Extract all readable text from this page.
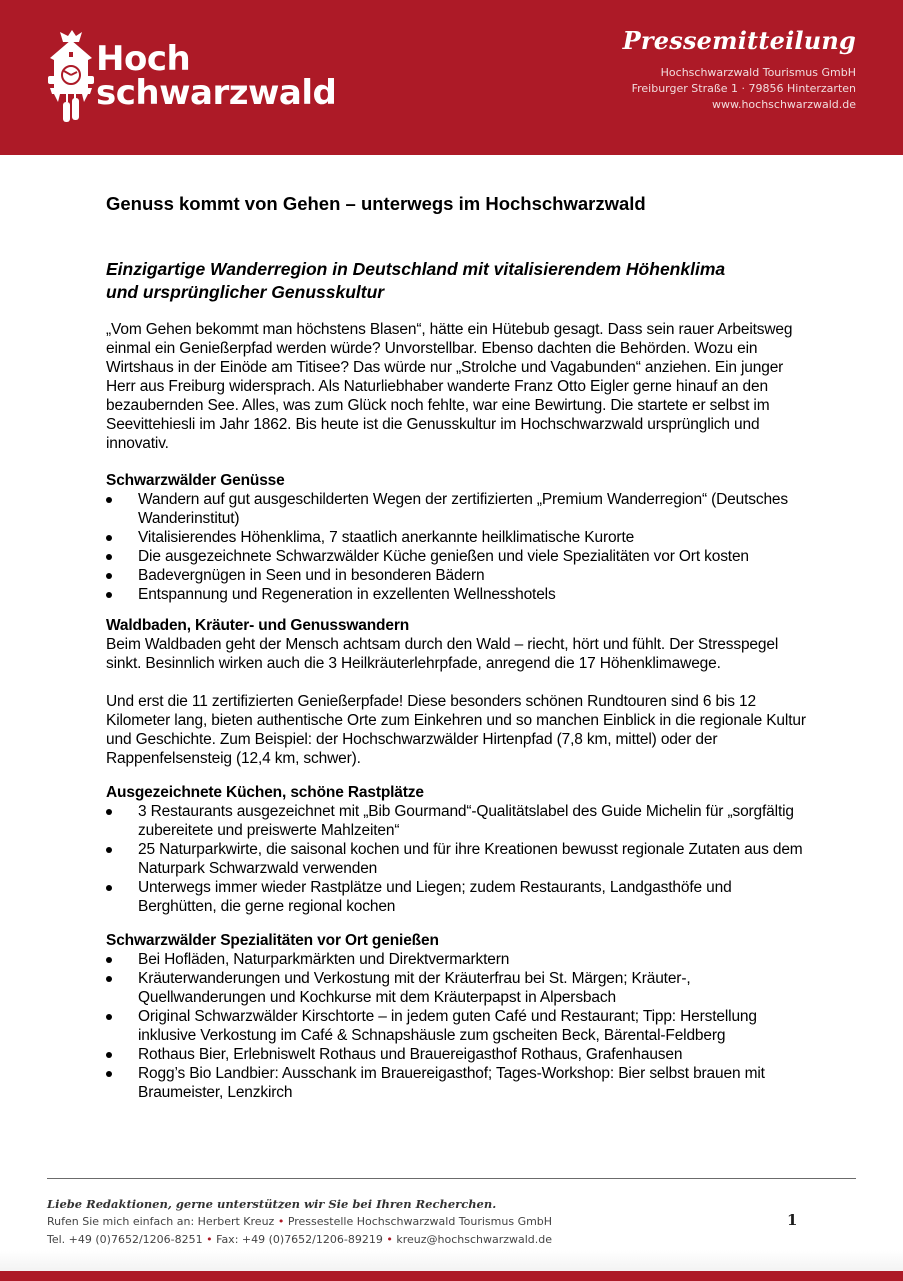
Hoch
schwarzwald
Pressemitteilung
Hochschwarzwald Tourismus GmbH
Freiburger Straße 1 · 79856 Hinterzarten
www.hochschwarzwald.de
Genuss kommt von Gehen – unterwegs im Hochschwarzwald
Einzigartige Wanderregion in Deutschland mit vitalisierendem Höhenklima
und ursprünglicher Genusskultur

„Vom Gehen bekommt man höchstens Blasen“, hätte ein Hütebub gesagt. Dass sein rauer Arbeitsweg einmal ein Genießerpfad werden würde? Unvorstellbar. Ebenso dachten die Behörden. Wozu ein Wirtshaus in der Einöde am Titisee? Das würde nur „Strolche und Vagabunden“ anziehen. Ein junger Herr aus Freiburg widersprach. Als Naturliebhaber wanderte Franz Otto Eigler gerne hinauf an den bezaubernden See. Alles, was zum Glück noch fehlte, war eine Bewirtung. Die startete er selbst im Seevittehiesli im Jahr 1862. Bis heute ist die Genusskultur im Hochschwarzwald ursprünglich und innovativ.

Schwarzwälder Genüsse
Wandern auf gut ausgeschilderten Wegen der zertifizierten „Premium Wanderregion“ (Deutsches Wanderinstitut)
Vitalisierendes Höhenklima, 7 staatlich anerkannte heilklimatische Kurorte
Die ausgezeichnete Schwarzwälder Küche genießen und viele Spezialitäten vor Ort kosten
Badevergnügen in Seen und in besonderen Bädern
Entspannung und Regeneration in exzellenten Wellnesshotels
Waldbaden, Kräuter- und Genusswandern

Beim Waldbaden geht der Mensch achtsam durch den Wald – riecht, hört und fühlt. Der Stresspegel sinkt. Besinnlich wirken auch die 3 Heilkräuterlehrpfade, anregend die 17 Höhenklimawege.

Und erst die 11 zertifizierten Genießerpfade! Diese besonders schönen Rundtouren sind 6 bis 12 Kilometer lang, bieten authentische Orte zum Einkehren und so manchen Einblick in die regionale Kultur und Geschichte. Zum Beispiel: der Hochschwarzwälder Hirtenpfad (7,8 km, mittel) oder der Rappenfelsensteig (12,4 km, schwer).

Ausgezeichnete Küchen, schöne Rastplätze
3 Restaurants ausgezeichnet mit „Bib Gourmand“-Qualitätslabel des Guide Michelin für „sorgfältig zubereitete und preiswerte Mahlzeiten“
25 Naturparkwirte, die saisonal kochen und für ihre Kreationen bewusst regionale Zutaten aus dem Naturpark Schwarzwald verwenden
Unterwegs immer wieder Rastplätze und Liegen; zudem Restaurants, Landgasthöfe und Berghütten, die gerne regional kochen
Schwarzwälder Spezialitäten vor Ort genießen
Bei Hofläden, Naturparkmärkten und Direktvermarktern
Kräuterwanderungen und Verkostung mit der Kräuterfrau bei St. Märgen; Kräuter-, Quellwanderungen und Kochkurse mit dem Kräuterpapst in Alpersbach
Original Schwarzwälder Kirschtorte – in jedem guten Café und Restaurant; Tipp: Herstellung inklusive Verkostung im Café & Schnapshäusle zum gscheiten Beck, Bärental-Feldberg
Rothaus Bier, Erlebniswelt Rothaus und Brauereigasthof Rothaus, Grafenhausen
Rogg’s Bio Landbier: Ausschank im Brauereigasthof; Tages-Workshop: Bier selbst brauen mit Braumeister, Lenzkirch
Liebe Redaktionen, gerne unterstützen wir Sie bei Ihren Recherchen.
Rufen Sie mich einfach an: Herbert Kreuz • Pressestelle Hochschwarzwald Tourismus GmbH
Tel. +49 (0)7652/1206-8251 • Fax: +49 (0)7652/1206-89219 • kreuz@hochschwarzwald.de
1
